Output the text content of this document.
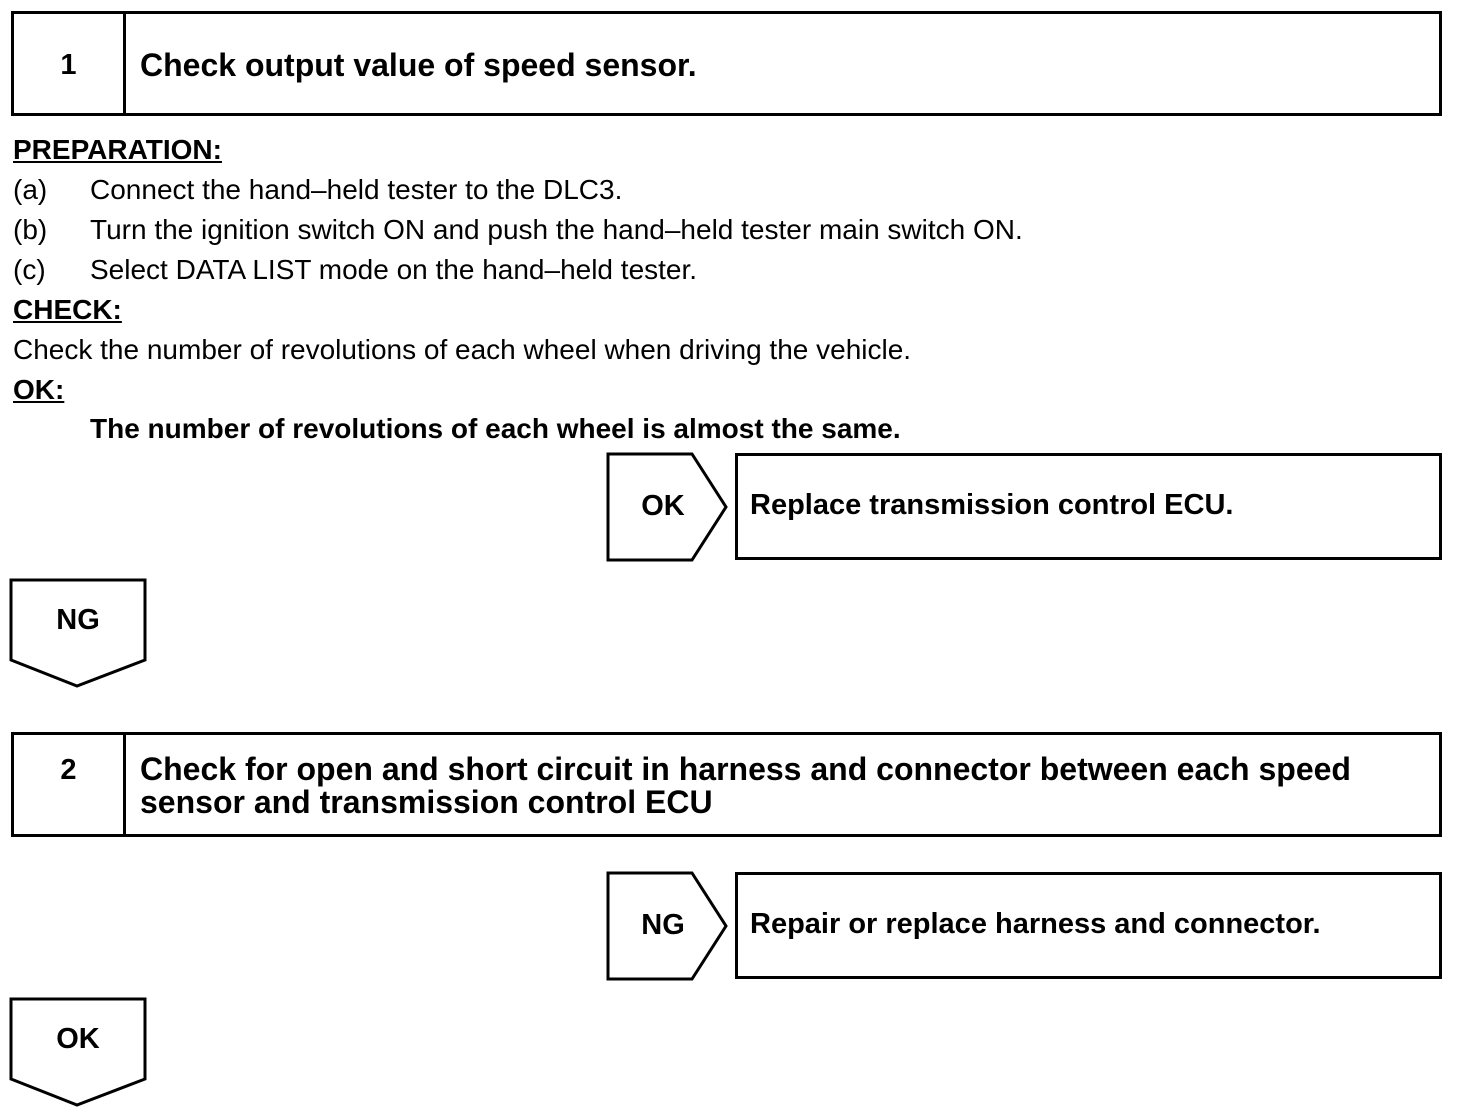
1	Check output value of speed sensor.
PREPARATION:
(a) Connect the hand–held tester to the DLC3.
(b) Turn the ignition switch ON and push the hand–held tester main switch ON.
(c) Select DATA LIST mode on the hand–held tester.
CHECK:
Check the number of revolutions of each wheel when driving the vehicle.
OK:
The number of revolutions of each wheel is almost the same.
OK	Replace transmission control ECU.
NG
2	Check for open and short circuit in harness and connector between each speed sensor and transmission control ECU
NG	Repair or replace harness and connector.
OK
